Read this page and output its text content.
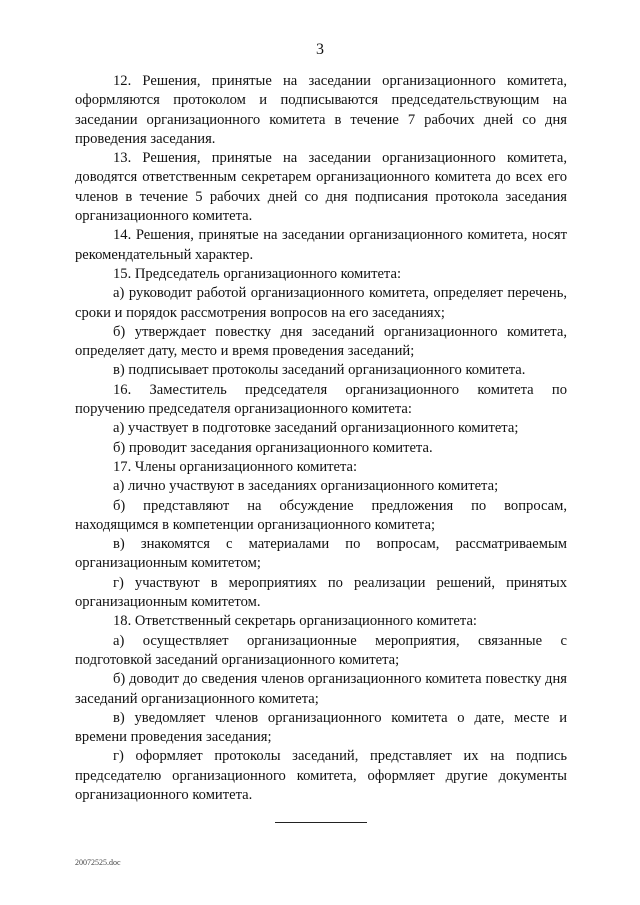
3

12. Решения, принятые на заседании организационного комитета, оформляются протоколом и подписываются председательствующим на заседании организационного комитета в течение 7 рабочих дней со дня проведения заседания.

13. Решения, принятые на заседании организационного комитета, доводятся ответственным секретарем организационного комитета до всех его членов в течение 5 рабочих дней со дня подписания протокола заседания организационного комитета.

14. Решения, принятые на заседании организационного комитета, носят рекомендательный характер.

15. Председатель организационного комитета:

а) руководит работой организационного комитета, определяет перечень, сроки и порядок рассмотрения вопросов на его заседаниях;

б) утверждает повестку дня заседаний организационного комитета, определяет дату, место и время проведения заседаний;

в) подписывает протоколы заседаний организационного комитета.

16. Заместитель председателя организационного комитета по поручению председателя организационного комитета:

а) участвует в подготовке заседаний организационного комитета;

б) проводит заседания организационного комитета.

17. Члены организационного комитета:

а) лично участвуют в заседаниях организационного комитета;

б) представляют на обсуждение предложения по вопросам, находящимся в компетенции организационного комитета;

в) знакомятся с материалами по вопросам, рассматриваемым организационным комитетом;

г) участвуют в мероприятиях по реализации решений, принятых организационным комитетом.

18. Ответственный секретарь организационного комитета:

а) осуществляет организационные мероприятия, связанные с подготовкой заседаний организационного комитета;

б) доводит до сведения членов организационного комитета повестку дня заседаний организационного комитета;

в) уведомляет членов организационного комитета о дате, месте и времени проведения заседания;

г) оформляет протоколы заседаний, представляет их на подпись председателю организационного комитета, оформляет другие документы организационного комитета.

20072525.doc
